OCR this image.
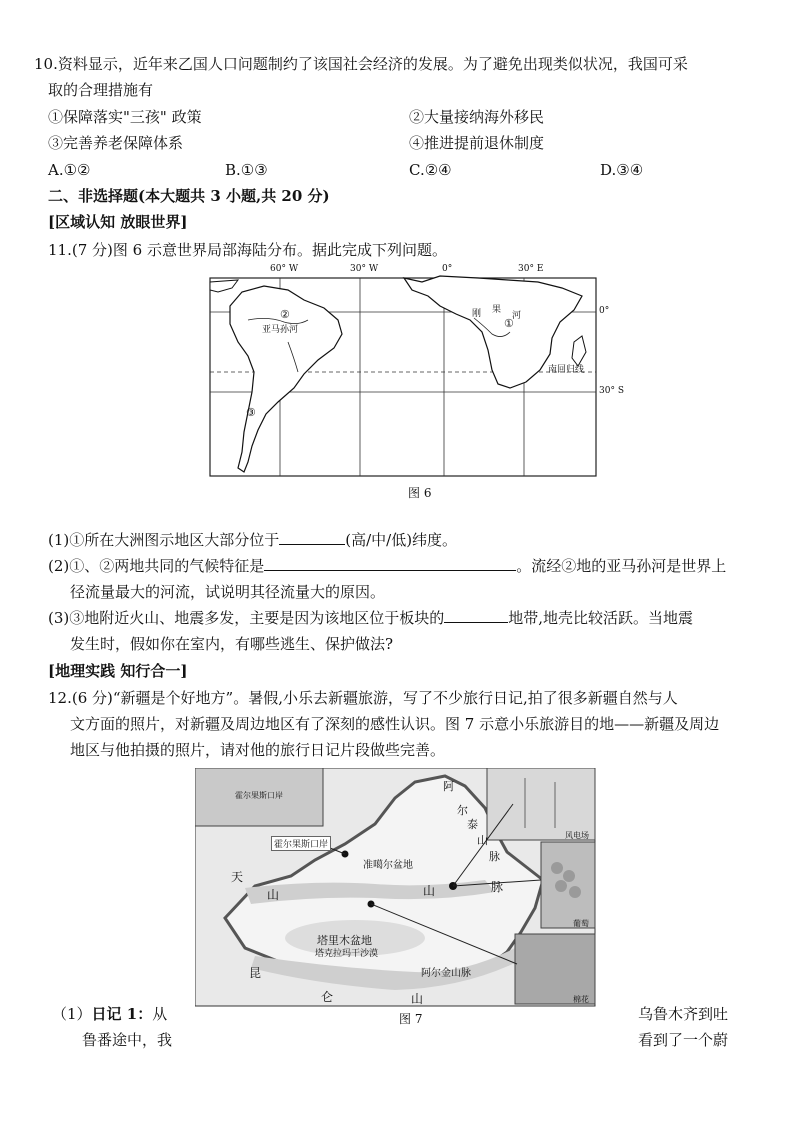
10.资料显示，近年来乙国人口问题制约了该国社会经济的发展。为了避免出现类似状况，我国可采
取的合理措施有
①保障落实"三孩" 政策	②大量接纳海外移民
③完善养老保障体系	④推进提前退休制度
A.①②	B.①③	C.②④	D.③④
二、非选择题(本大题共 3 小题,共 20 分)
[区域认知 放眼世界]
11.(7 分)图 6 示意世界局部海陆分布。据此完成下列问题。
60° W	30° W	0°	30° E
0°
30° S
南回归线
亚马孙河
刚 果
河
①
②
③
图 6
(1)①所在大洲图示地区大部分位于	(高/中/低)纬度。
(2)①、②两地共同的气候特征是	。流经②地的亚马孙河是世界上
径流量最大的河流，试说明其径流量大的原因。
(3)③地附近火山、地震多发，主要是因为该地区位于板块的	地带,地壳比较活跃。当地震
发生时，假如你在室内，有哪些逃生、保护做法?
[地理实践 知行合一]
12.(6 分)“新疆是个好地方”。暑假,小乐去新疆旅游，写了不少旅行日记,拍了很多新疆自然与人
文方面的照片，对新疆及周边地区有了深刻的感性认识。图 7 示意小乐旅游目的地——新疆及周边
地区与他拍摄的照片，请对他的旅行日记片段做些完善。
霍尔果斯口岸
霍尔果斯口岸
准噶尔盆地
天
山	山	脉
阿
尔
泰
山
脉
塔里木盆地
塔克拉玛干沙漠
阿尔金山脉
昆
仑	山
风电场
葡萄
棉花
图 7
（1）日记 1：从	乌鲁木齐到吐
鲁番途中，我	看到了一个蔚
